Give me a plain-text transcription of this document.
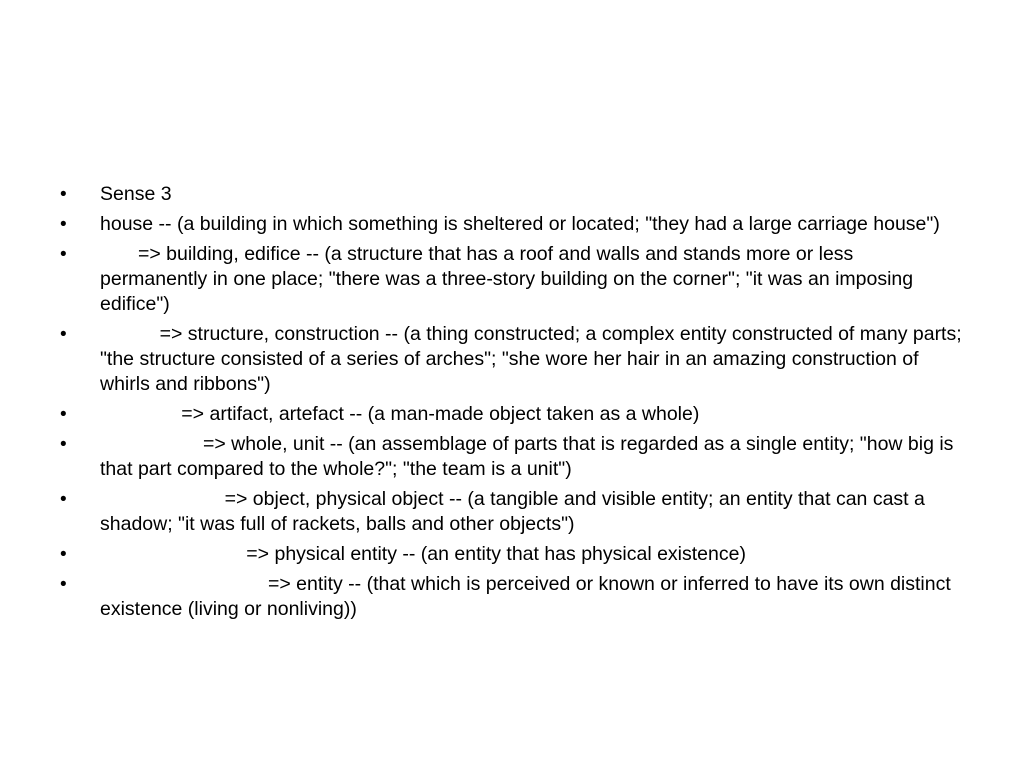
• Sense 3
• house -- (a building in which something is sheltered or located; "they had a large carriage house")
• => building, edifice -- (a structure that has a roof and walls and stands more or less permanently in one place; "there was a three-story building on the corner"; "it was an imposing edifice")
• => structure, construction -- (a thing constructed; a complex entity constructed of many parts; "the structure consisted of a series of arches"; "she wore her hair in an amazing construction of whirls and ribbons")
• => artifact, artefact -- (a man-made object taken as a whole)
• => whole, unit -- (an assemblage of parts that is regarded as a single entity; "how big is that part compared to the whole?"; "the team is a unit")
• => object, physical object -- (a tangible and visible entity; an entity that can cast a shadow; "it was full of rackets, balls and other objects")
• => physical entity -- (an entity that has physical existence)
• => entity -- (that which is perceived or known or inferred to have its own distinct existence (living or nonliving))
